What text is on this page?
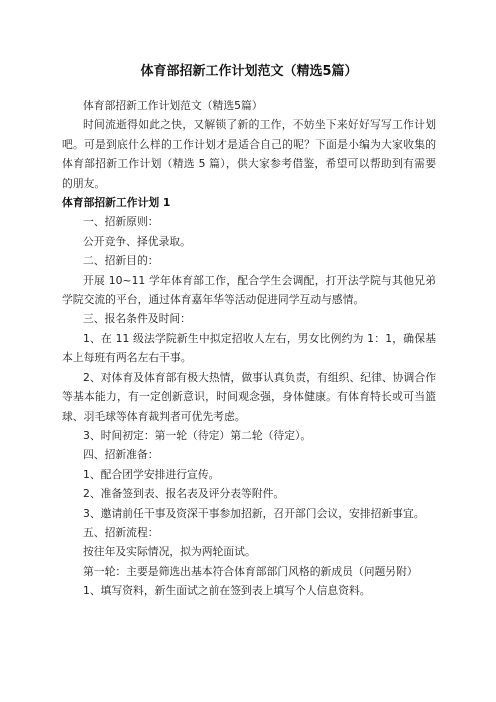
体育部招新工作计划范文（精选5篇）

体育部招新工作计划范文（精选5篇）

时间流逝得如此之快，又解锁了新的工作，不妨坐下来好好写写工作计划吧。可是到底什么样的工作计划才是适合自己的呢？下面是小编为大家收集的体育部招新工作计划（精选 5 篇），供大家参考借鉴，希望可以帮助到有需要的朋友。

体育部招新工作计划 1

一、招新原则：

公开竞争、择优录取。

二、招新目的：

开展 10~11 学年体育部工作，配合学生会调配，打开法学院与其他兄弟学院交流的平台，通过体育嘉年华等活动促进同学互动与感情。

三、报名条件及时间：

1、在 11 级法学院新生中拟定招收人左右，男女比例约为 1：1，确保基本上每班有两名左右干事。

2、对体育及体育部有极大热情，做事认真负责，有组织、纪律、协调合作等基本能力，有一定创新意识，时间观念强，身体健康。有体育特长或可当篮球、羽毛球等体育裁判者可优先考虑。

3、时间初定：第一轮（待定）第二轮（待定）。

四、招新准备：

1、配合团学安排进行宣传。

2、准备签到表、报名表及评分表等附件。

3、邀请前任干事及资深干事参加招新，召开部门会议，安排招新事宜。

五、招新流程：

按往年及实际情况，拟为两轮面试。

第一轮：主要是筛选出基本符合体育部部门风格的新成员（问题另附）

1、填写资料，新生面试之前在签到表上填写个人信息资料。
